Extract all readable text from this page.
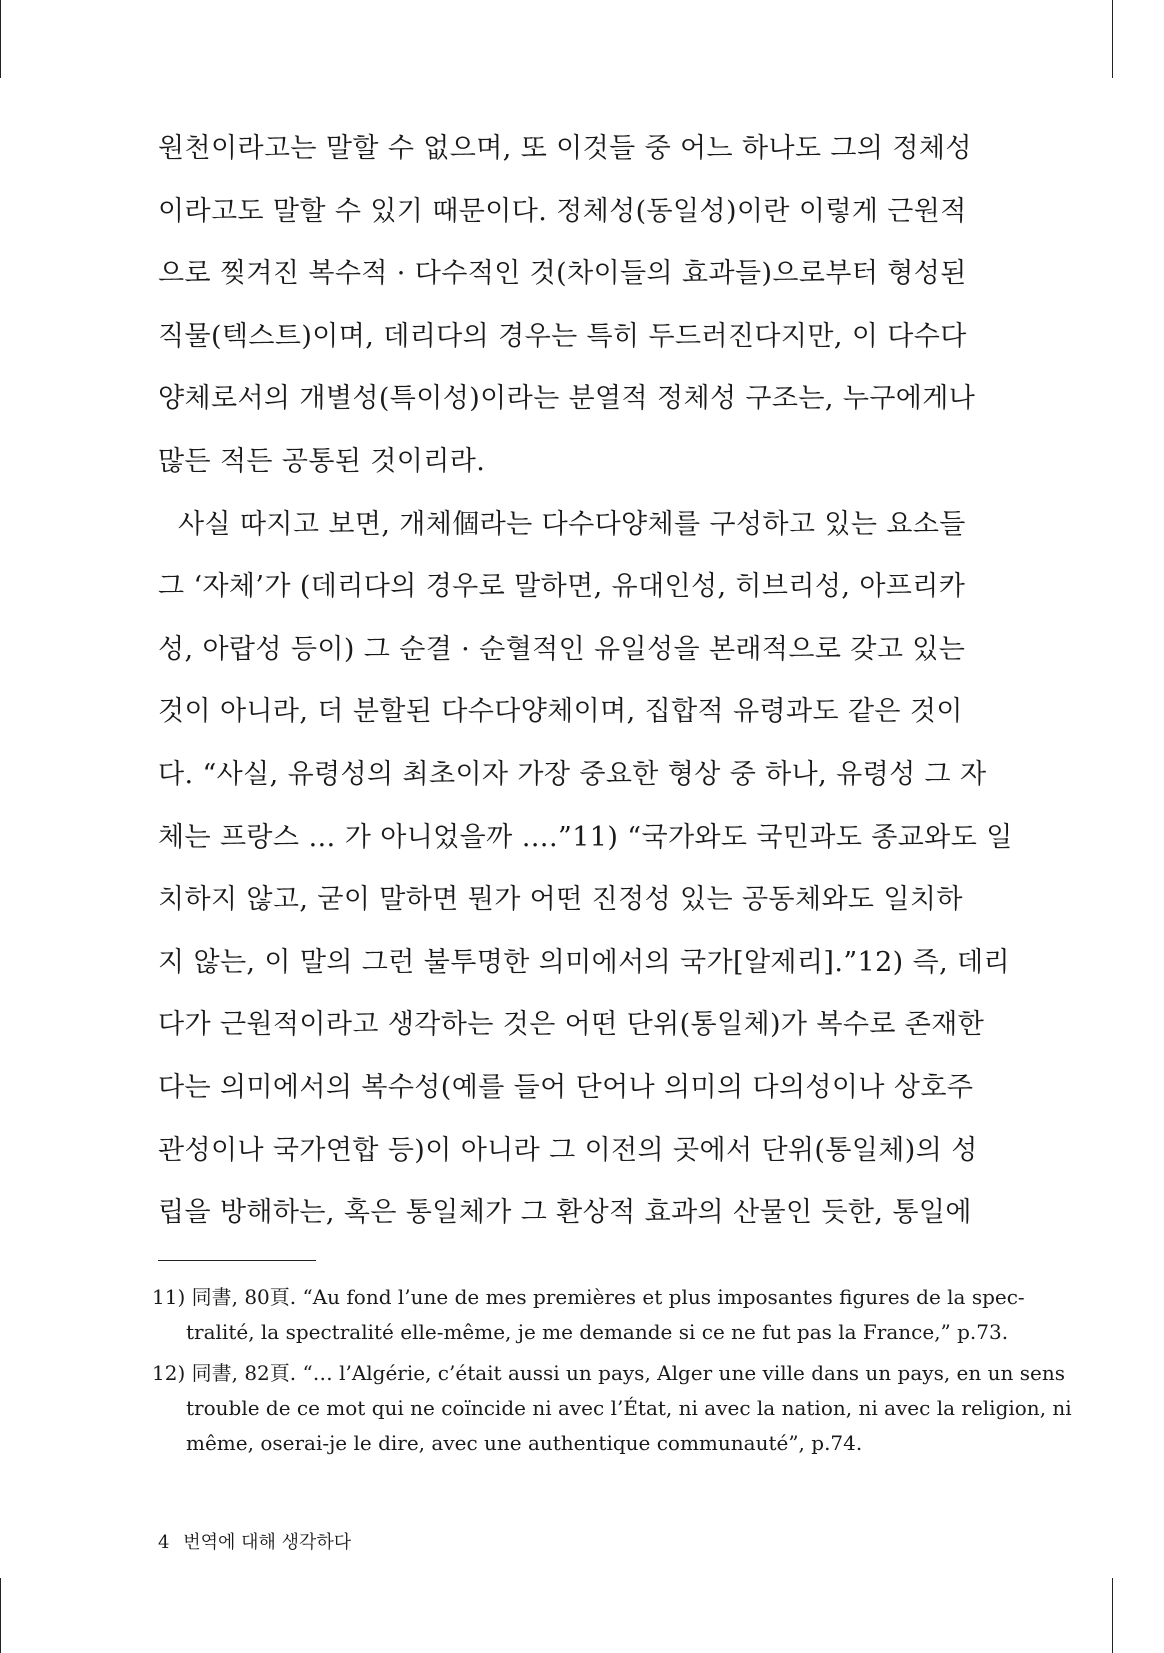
원천이라고는 말할 수 없으며, 또 이것들 중 어느 하나도 그의 정체성
이라고도 말할 수 있기 때문이다. 정체성(동일성)이란 이렇게 근원적
으로 찢겨진 복수적 · 다수적인 것(차이들의 효과들)으로부터 형성된
직물(텍스트)이며, 데리다의 경우는 특히 두드러진다지만, 이 다수다
양체로서의 개별성(특이성)이라는 분열적 정체성 구조는, 누구에게나
많든 적든 공통된 것이리라.
사실 따지고 보면, 개체個라는 다수다양체를 구성하고 있는 요소들
그 ‘자체’가 (데리다의 경우로 말하면, 유대인성, 히브리성, 아프리카
성, 아랍성 등이) 그 순결 · 순혈적인 유일성을 본래적으로 갖고 있는
것이 아니라, 더 분할된 다수다양체이며, 집합적 유령과도 같은 것이
다. “사실, 유령성의 최초이자 가장 중요한 형상 중 하나, 유령성 그 자
체는 프랑스 … 가 아니었을까 ….”11) “국가와도 국민과도 종교와도 일
치하지 않고, 굳이 말하면 뭔가 어떤 진정성 있는 공동체와도 일치하
지 않는, 이 말의 그런 불투명한 의미에서의 국가[알제리].”12) 즉, 데리
다가 근원적이라고 생각하는 것은 어떤 단위(통일체)가 복수로 존재한
다는 의미에서의 복수성(예를 들어 단어나 의미의 다의성이나 상호주
관성이나 국가연합 등)이 아니라 그 이전의 곳에서 단위(통일체)의 성
립을 방해하는, 혹은 통일체가 그 환상적 효과의 산물인 듯한, 통일에
11) 同書, 80頁. “Au fond l’une de mes premières et plus imposantes figures de la spec-
tralité, la spectralité elle-même, je me demande si ce ne fut pas la France,” p.73.
12) 同書, 82頁. “… l’Algérie, c’était aussi un pays, Alger une ville dans un pays, en un sens
trouble de ce mot qui ne coïncide ni avec l’État, ni avec la nation, ni avec la religion, ni
même, oserai-je le dire, avec une authentique communauté”, p.74.
4 번역에 대해 생각하다
